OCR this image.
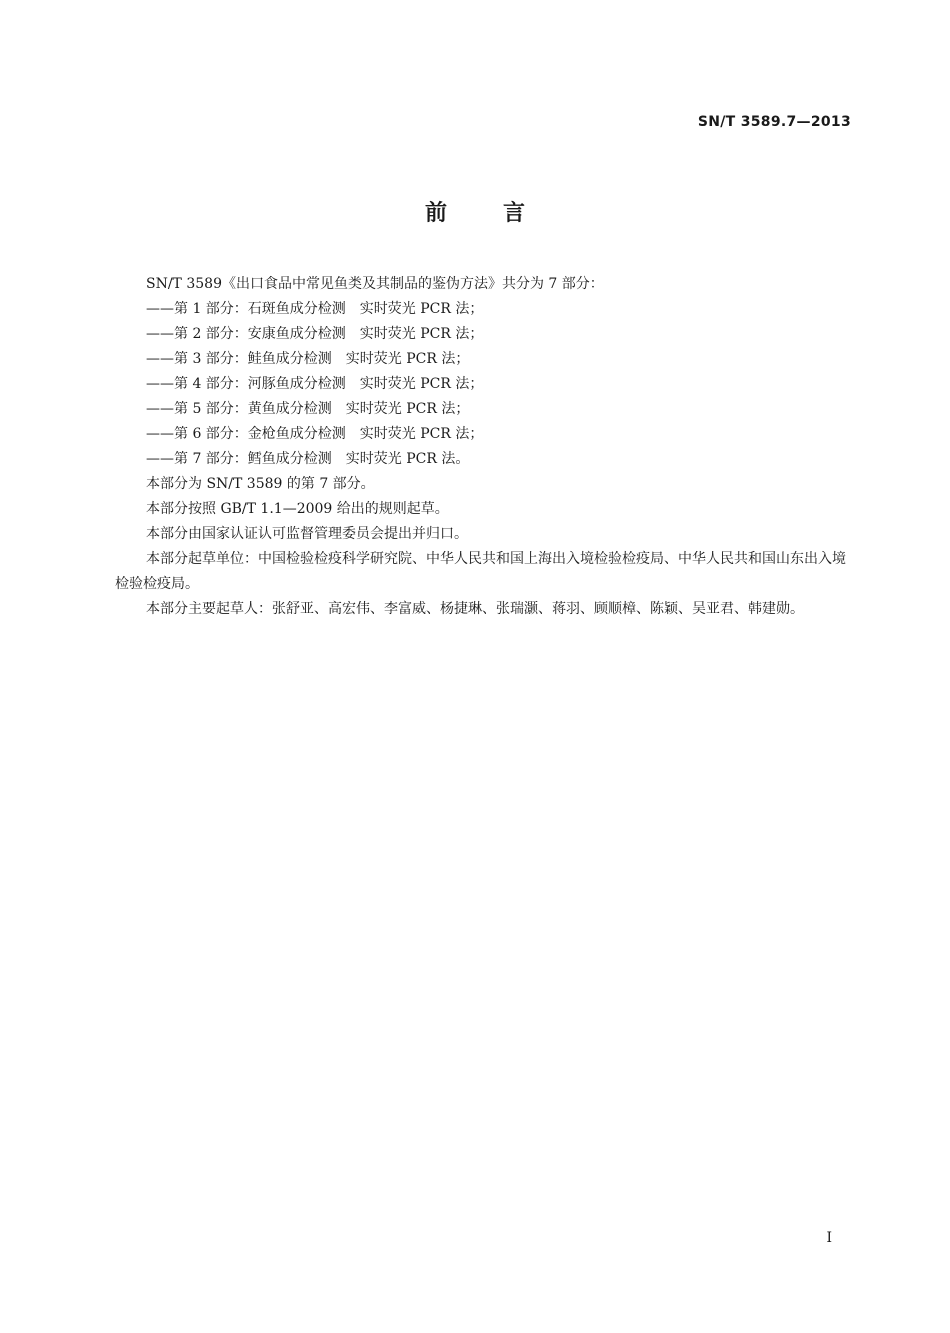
SN/T 3589.7—2013
前言

SN/T 3589《出口食品中常见鱼类及其制品的鉴伪方法》共分为 7 部分：

——第 1 部分：石斑鱼成分检测　实时荧光 PCR 法；

——第 2 部分：安康鱼成分检测　实时荧光 PCR 法；

——第 3 部分：鲑鱼成分检测　实时荧光 PCR 法；

——第 4 部分：河豚鱼成分检测　实时荧光 PCR 法；

——第 5 部分：黄鱼成分检测　实时荧光 PCR 法；

——第 6 部分：金枪鱼成分检测　实时荧光 PCR 法；

——第 7 部分：鳕鱼成分检测　实时荧光 PCR 法。

本部分为 SN/T 3589 的第 7 部分。

本部分按照 GB/T 1.1—2009 给出的规则起草。

本部分由国家认证认可监督管理委员会提出并归口。

本部分起草单位：中国检验检疫科学研究院、中华人民共和国上海出入境检验检疫局、中华人民共和国山东出入境检验检疫局。

本部分主要起草人：张舒亚、高宏伟、李富威、杨捷琳、张瑞灏、蒋羽、顾顺樟、陈颖、吴亚君、韩建勋。

I
